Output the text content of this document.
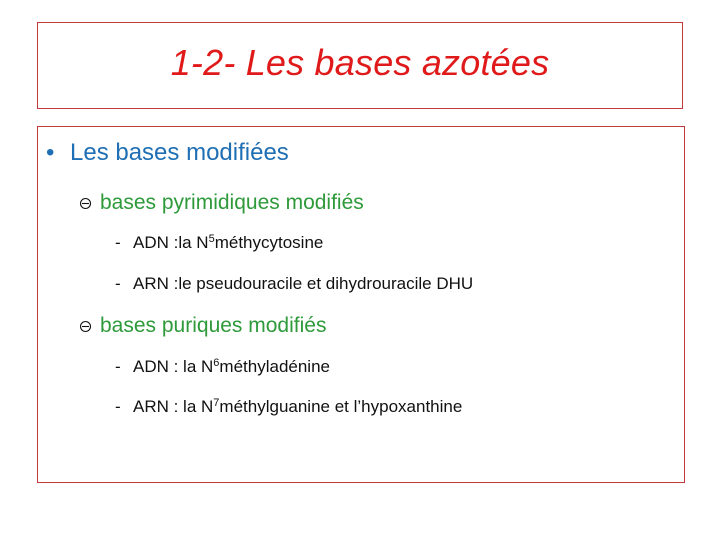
1-2- Les bases azotées
• Les bases modifiées
bases pyrimidiques modifiés
- ADN :la $N^5méthycytosine$
- ARN :le pseudouracile et dihydrouracile DHU
bases puriques modifiés
- ADN : la $N^6méthyladénine$
- ARN : la $N^7méthylguanine$ et l’hypoxanthine
